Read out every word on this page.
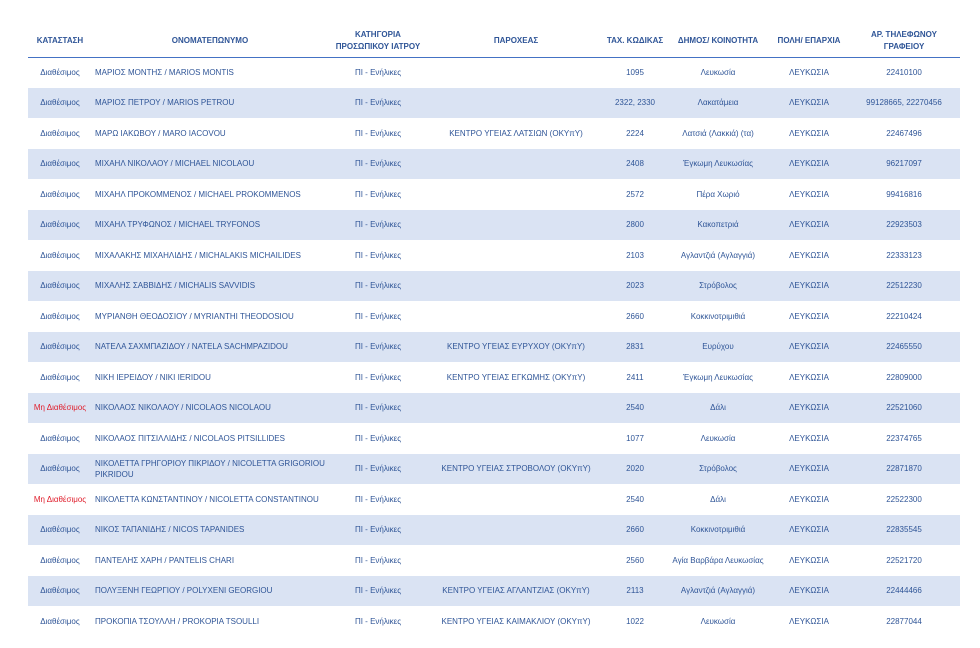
ΚΑΤΑΣΤΑΣΗ	ΟΝΟΜΑΤΕΠΩΝΥΜΟ	ΚΑΤΗΓΟΡΙΑ ΠΡΟΣΩΠΙΚΟΥ ΙΑΤΡΟΥ	ΠΑΡΟΧΕΑΣ	ΤΑΧ. ΚΩΔΙΚΑΣ	ΔΗΜΟΣ/ ΚΟΙΝΟΤΗΤΑ	ΠΟΛΗ/ ΕΠΑΡΧΙΑ	ΑΡ. ΤΗΛΕΦΩΝΟΥ ΓΡΑΦΕΙΟΥ
Διαθέσιμος	ΜΑΡΙΟΣ ΜΟΝΤΗΣ / MARIOS MONTIS	ΠΙ - Ενήλικες		1095	Λευκωσία	ΛΕΥΚΩΣΙΑ	22410100
Διαθέσιμος	ΜΑΡΙΟΣ ΠΕΤΡΟΥ / MARIOS PETROU	ΠΙ - Ενήλικες		2322, 2330	Λακατάμεια	ΛΕΥΚΩΣΙΑ	99128665, 22270456
Διαθέσιμος	ΜΑΡΩ ΙΑΚΩΒΟΥ / MARO IACOVOU	ΠΙ - Ενήλικες	ΚΕΝΤΡΟ ΥΓΕΙΑΣ ΛΑΤΣΙΩΝ (ΟΚΥπΥ)	2224	Λατσιά (Λακκιά) (τα)	ΛΕΥΚΩΣΙΑ	22467496
Διαθέσιμος	ΜΙΧΑΗΛ ΝΙΚΟΛΑΟΥ / MICHAEL NICOLAOU	ΠΙ - Ενήλικες		2408	Έγκωμη Λευκωσίας	ΛΕΥΚΩΣΙΑ	96217097
Διαθέσιμος	ΜΙΧΑΗΛ ΠΡΟΚΟΜΜΕΝΟΣ / MICHAEL PROKOMMENOS	ΠΙ - Ενήλικες		2572	Πέρα Χωριό	ΛΕΥΚΩΣΙΑ	99416816
Διαθέσιμος	ΜΙΧΑΗΛ ΤΡΥΦΩΝΟΣ / MICHAEL TRYFONOS	ΠΙ - Ενήλικες		2800	Κακοπετριά	ΛΕΥΚΩΣΙΑ	22923503
Διαθέσιμος	ΜΙΧΑΛΑΚΗΣ ΜΙΧΑΗΛΙΔΗΣ / MICHALAKIS MICHAILIDES	ΠΙ - Ενήλικες		2103	Αγλαντζιά (Αγλαγγιά)	ΛΕΥΚΩΣΙΑ	22333123
Διαθέσιμος	ΜΙΧΑΛΗΣ ΣΑΒΒΙΔΗΣ / MICHALIS SAVVIDIS	ΠΙ - Ενήλικες		2023	Στρόβολος	ΛΕΥΚΩΣΙΑ	22512230
Διαθέσιμος	ΜΥΡΙΑΝΘΗ ΘΕΟΔΟΣΙΟΥ / MYRIANTHI THEODOSIOU	ΠΙ - Ενήλικες		2660	Κοκκινοτριμιθιά	ΛΕΥΚΩΣΙΑ	22210424
Διαθέσιμος	ΝΑΤΕΛΑ ΣΑΧΜΠΑΖΙΔΟΥ / NATELA SACHMPAZIDOU	ΠΙ - Ενήλικες	ΚΕΝΤΡΟ ΥΓΕΙΑΣ ΕΥΡΥΧΟΥ (ΟΚΥπΥ)	2831	Ευρύχου	ΛΕΥΚΩΣΙΑ	22465550
Διαθέσιμος	ΝΙΚΗ ΙΕΡΕΙΔΟΥ / NIKI IERIDOU	ΠΙ - Ενήλικες	ΚΕΝΤΡΟ ΥΓΕΙΑΣ ΕΓΚΩΜΗΣ (ΟΚΥπΥ)	2411	Έγκωμη Λευκωσίας	ΛΕΥΚΩΣΙΑ	22809000
Μη Διαθέσιμος	ΝΙΚΟΛΑΟΣ ΝΙΚΟΛΑΟΥ / NICOLAOS NICOLAOU	ΠΙ - Ενήλικες		2540	Δάλι	ΛΕΥΚΩΣΙΑ	22521060
Διαθέσιμος	ΝΙΚΟΛΑΟΣ ΠΙΤΣΙΛΛΙΔΗΣ / NICOLAOS PITSILLIDES	ΠΙ - Ενήλικες		1077	Λευκωσία	ΛΕΥΚΩΣΙΑ	22374765
Διαθέσιμος	ΝΙΚΟΛΕΤΤΑ ΓΡΗΓΟΡΙΟΥ ΠΙΚΡΙΔΟΥ / NICOLETTA GRIGORIOU PIKRIDOU	ΠΙ - Ενήλικες	ΚΕΝΤΡΟ ΥΓΕΙΑΣ ΣΤΡΟΒΟΛΟΥ (ΟΚΥπΥ)	2020	Στρόβολος	ΛΕΥΚΩΣΙΑ	22871870
Μη Διαθέσιμος	ΝΙΚΟΛΕΤΤΑ ΚΩΝΣΤΑΝΤΙΝΟΥ / NICOLETTA CONSTANTINOU	ΠΙ - Ενήλικες		2540	Δάλι	ΛΕΥΚΩΣΙΑ	22522300
Διαθέσιμος	ΝΙΚΟΣ ΤΑΠΑΝΙΔΗΣ / NICOS TAPANIDES	ΠΙ - Ενήλικες		2660	Κοκκινοτριμιθιά	ΛΕΥΚΩΣΙΑ	22835545
Διαθέσιμος	ΠΑΝΤΕΛΗΣ ΧΑΡΗ / PANTELIS CHARI	ΠΙ - Ενήλικες		2560	Αγία Βαρβάρα Λευκωσίας	ΛΕΥΚΩΣΙΑ	22521720
Διαθέσιμος	ΠΟΛΥΞΕΝΗ ΓΕΩΡΓΙΟΥ / POLYXENI GEORGIOU	ΠΙ - Ενήλικες	ΚΕΝΤΡΟ ΥΓΕΙΑΣ ΑΓΛΑΝΤΖΙΑΣ (ΟΚΥπΥ)	2113	Αγλαντζιά (Αγλαγγιά)	ΛΕΥΚΩΣΙΑ	22444466
Διαθέσιμος	ΠΡΟΚΟΠΙΑ ΤΣΟΥΛΛΗ / PROKOPIA TSOULLI	ΠΙ - Ενήλικες	ΚΕΝΤΡΟ ΥΓΕΙΑΣ ΚΑΙΜΑΚΛΙΟΥ (ΟΚΥπΥ)	1022	Λευκωσία	ΛΕΥΚΩΣΙΑ	22877044
